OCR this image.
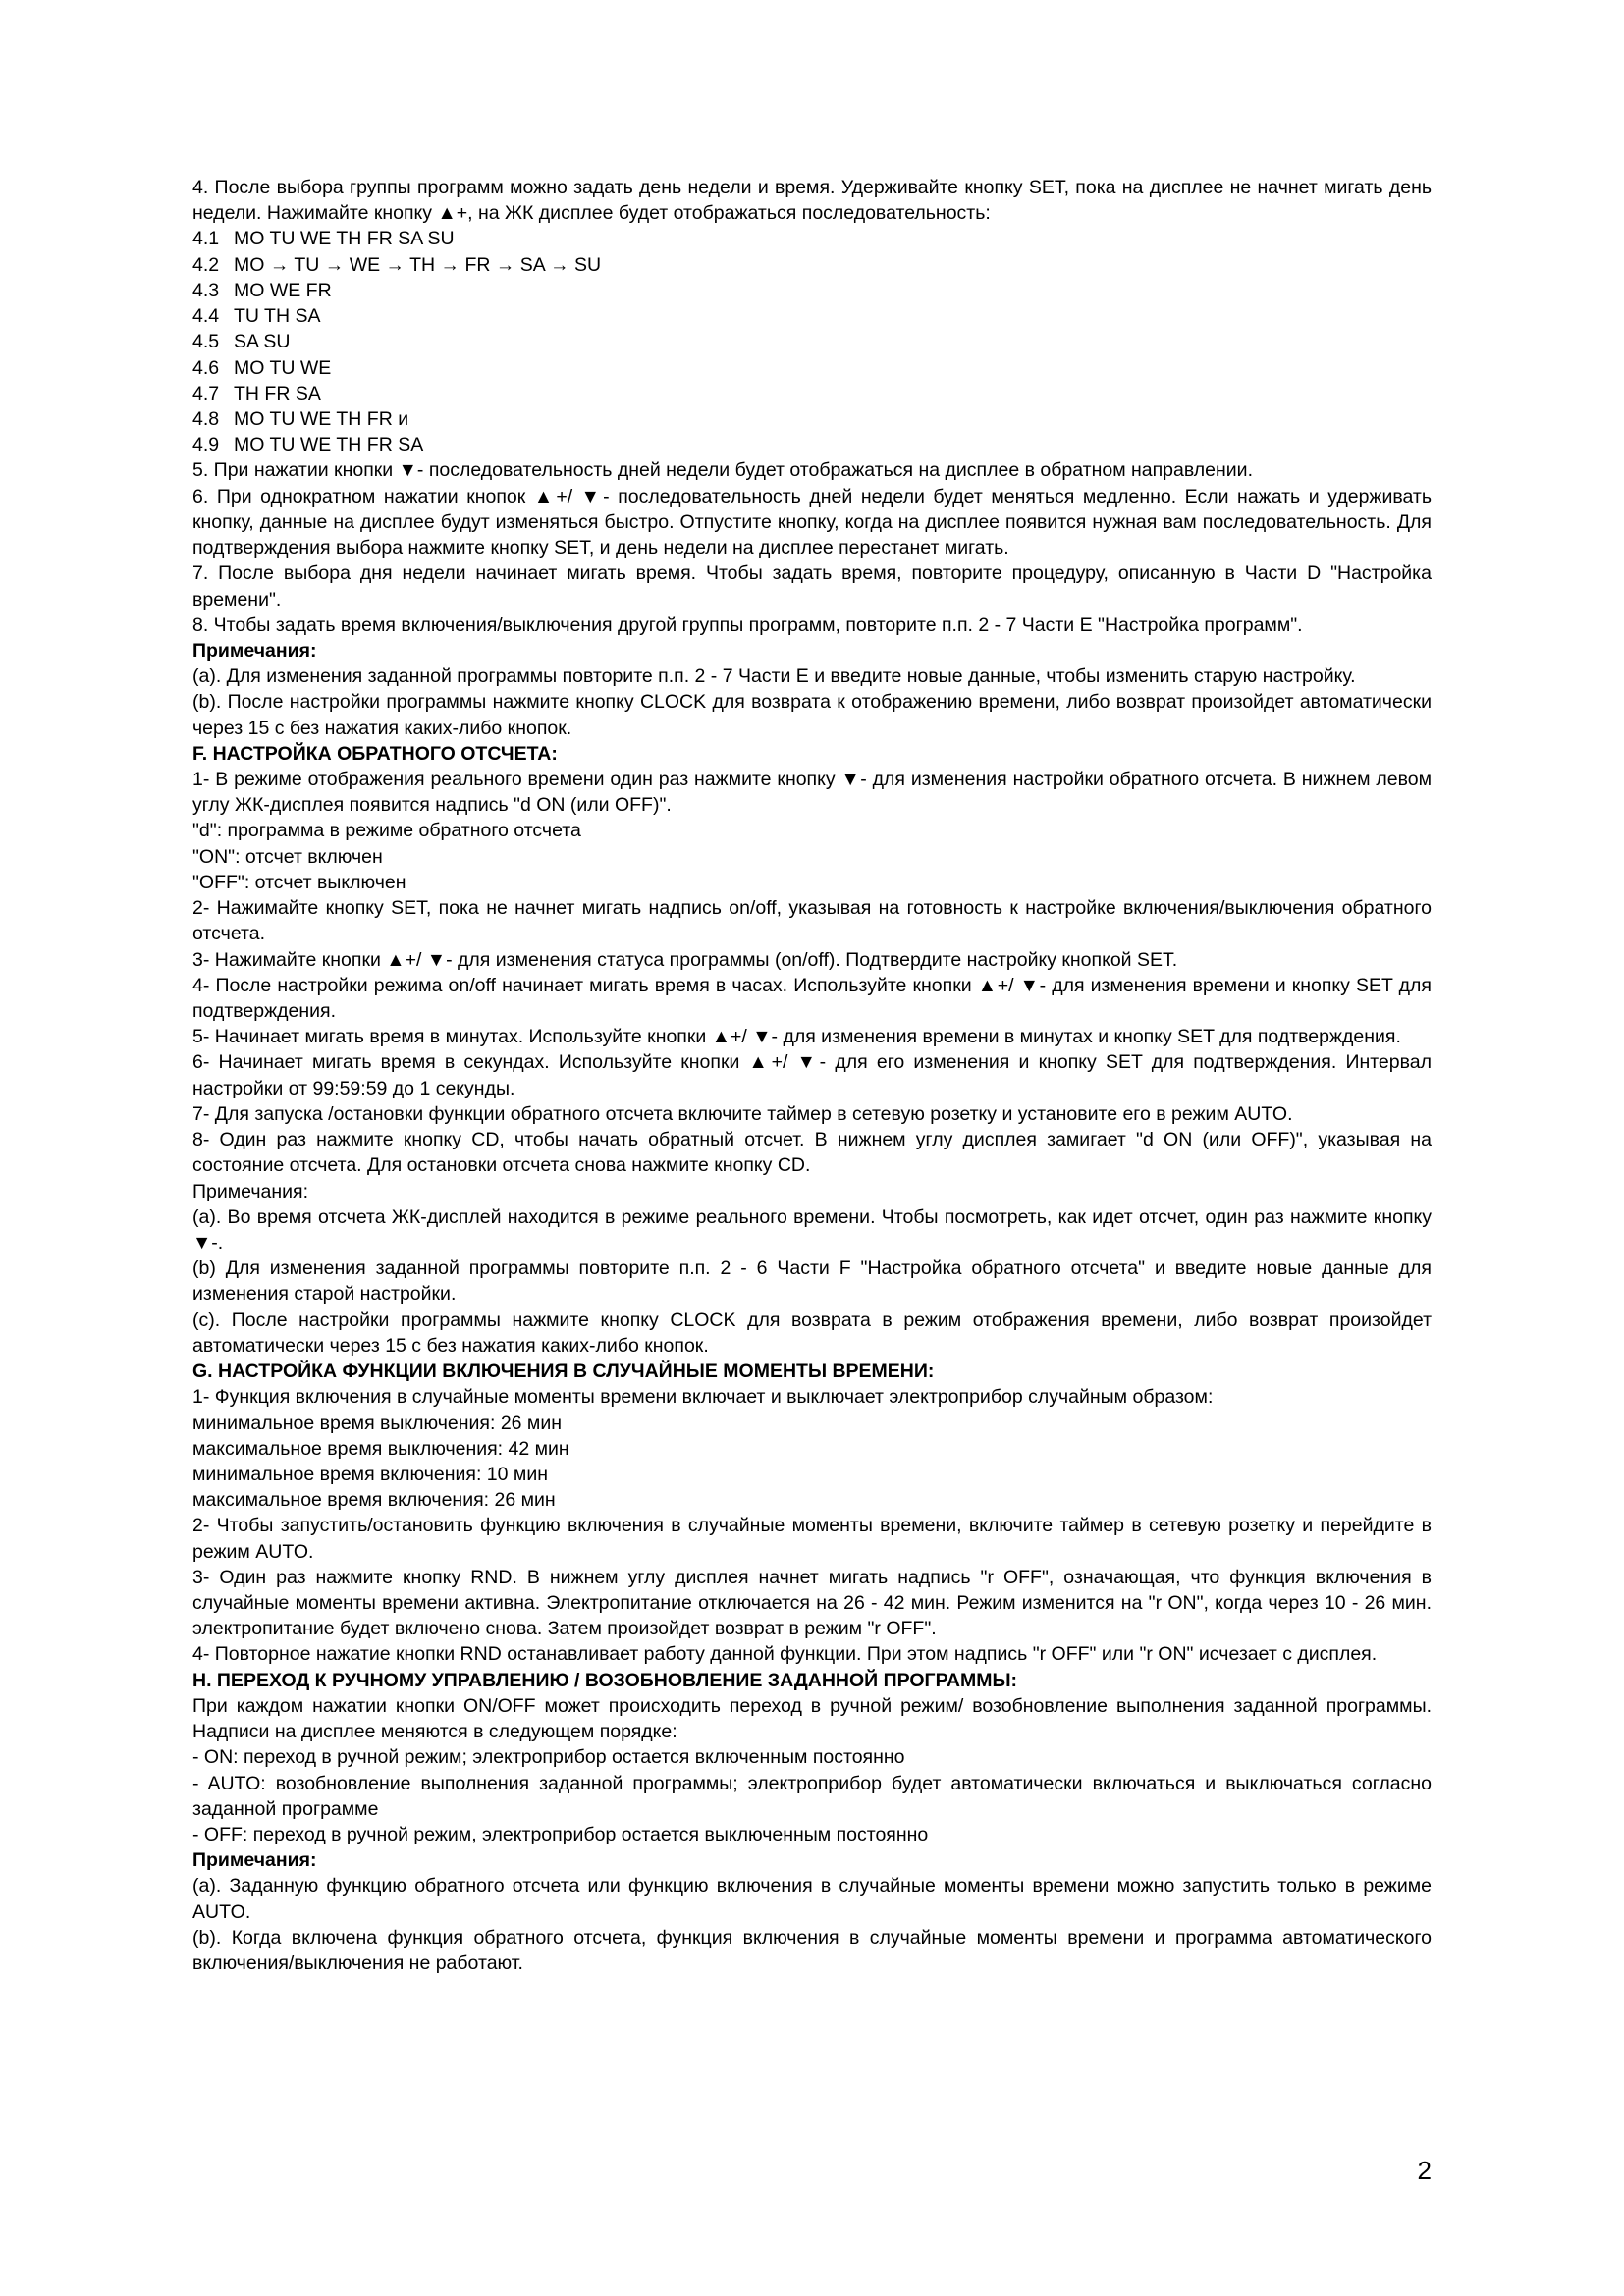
4. После выбора группы программ можно задать день недели и время. Удерживайте кнопку SET, пока на дисплее не начнет мигать день недели. Нажимайте кнопку ▲+, на ЖК дисплее будет отображаться последовательность:

4.1 MO TU WE TH FR SA SU

4.2 MO → TU → WE → TH → FR → SA → SU

4.3 MO WE FR

4.4 TU TH SA

4.5 SA SU

4.6 MO TU WE

4.7 TH FR SA

4.8 MO TU WE TH FR и

4.9 MO TU WE TH FR SA

5. При нажатии кнопки ▼- последовательность дней недели будет отображаться на дисплее в обратном направлении.

6. При однократном нажатии кнопок ▲+/ ▼- последовательность дней недели будет меняться медленно. Если нажать и удерживать кнопку, данные на дисплее будут изменяться быстро. Отпустите кнопку, когда на дисплее появится нужная вам последовательность. Для подтверждения выбора нажмите кнопку SET, и день недели на дисплее перестанет мигать.

7. После выбора дня недели начинает мигать время. Чтобы задать время, повторите процедуру, описанную в Части D "Настройка времени".

8. Чтобы задать время включения/выключения другой группы программ, повторите п.п. 2 - 7 Части E "Настройка программ".

Примечания:

(a). Для изменения заданной программы повторите п.п. 2 - 7 Части E и введите новые данные, чтобы изменить старую настройку.

(b). После настройки программы нажмите кнопку CLOCK для возврата к отображению времени, либо возврат произойдет автоматически через 15 с без нажатия каких-либо кнопок.

F. НАСТРОЙКА ОБРАТНОГО ОТСЧЕТА:

1- В режиме отображения реального времени один раз нажмите кнопку ▼- для изменения настройки обратного отсчета. В нижнем левом углу ЖК-дисплея появится надпись "d ON (или OFF)".

"d": программа в режиме обратного отсчета

"ON": отсчет включен

"OFF": отсчет выключен

2- Нажимайте кнопку SET, пока не начнет мигать надпись on/off, указывая на готовность к настройке включения/выключения обратного отсчета.

3- Нажимайте кнопки ▲+/ ▼- для изменения статуса программы (on/off). Подтвердите настройку кнопкой SET.

4- После настройки режима on/off начинает мигать время в часах. Используйте кнопки ▲+/ ▼- для изменения времени и кнопку SET для подтверждения.

5- Начинает мигать время в минутах. Используйте кнопки ▲+/ ▼- для изменения времени в минутах и кнопку SET для подтверждения.

6- Начинает мигать время в секундах. Используйте кнопки ▲+/ ▼- для его изменения и кнопку SET для подтверждения. Интервал настройки от 99:59:59 до 1 секунды.

7- Для запуска /остановки функции обратного отсчета включите таймер в сетевую розетку и установите его в режим AUTO.

8- Один раз нажмите кнопку CD, чтобы начать обратный отсчет. В нижнем углу дисплея замигает "d ON (или OFF)", указывая на состояние отсчета. Для остановки отсчета снова нажмите кнопку CD.

Примечания:

(a). Во время отсчета ЖК-дисплей находится в режиме реального времени. Чтобы посмотреть, как идет отсчет, один раз нажмите кнопку ▼-.

(b) Для изменения заданной программы повторите п.п. 2 - 6 Части F "Настройка обратного отсчета" и введите новые данные для изменения старой настройки.

(c). После настройки программы нажмите кнопку CLOCK для возврата в режим отображения времени, либо возврат произойдет автоматически через 15 с без нажатия каких-либо кнопок.

G. НАСТРОЙКА ФУНКЦИИ ВКЛЮЧЕНИЯ В СЛУЧАЙНЫЕ МОМЕНТЫ ВРЕМЕНИ:

1- Функция включения в случайные моменты времени включает и выключает электроприбор случайным образом:

минимальное время выключения: 26 мин

максимальное время выключения: 42 мин

минимальное время включения: 10 мин

максимальное время включения: 26 мин

2- Чтобы запустить/остановить функцию включения в случайные моменты времени, включите таймер в сетевую розетку и перейдите в режим AUTO.

3- Один раз нажмите кнопку RND. В нижнем углу дисплея начнет мигать надпись "r OFF", означающая, что функция включения в случайные моменты времени активна. Электропитание отключается на 26 - 42 мин. Режим изменится на "r ON", когда через 10 - 26 мин. электропитание будет включено снова. Затем произойдет возврат в режим "r OFF".

4- Повторное нажатие кнопки RND останавливает работу данной функции. При этом надпись "r OFF" или "r ON" исчезает с дисплея.

H. ПЕРЕХОД К РУЧНОМУ УПРАВЛЕНИЮ / ВОЗОБНОВЛЕНИЕ ЗАДАННОЙ ПРОГРАММЫ:

При каждом нажатии кнопки ON/OFF может происходить переход в ручной режим/ возобновление выполнения заданной программы. Надписи на дисплее меняются в следующем порядке:

- ON: переход в ручной режим; электроприбор остается включенным постоянно

- AUTO: возобновление выполнения заданной программы; электроприбор будет автоматически включаться и выключаться согласно заданной программе

- OFF: переход в ручной режим, электроприбор остается выключенным постоянно

Примечания:

(a). Заданную функцию обратного отсчета или функцию включения в случайные моменты времени можно запустить только в режиме AUTO.

(b). Когда включена функция обратного отсчета, функция включения в случайные моменты времени и программа автоматического включения/выключения не работают.

2
